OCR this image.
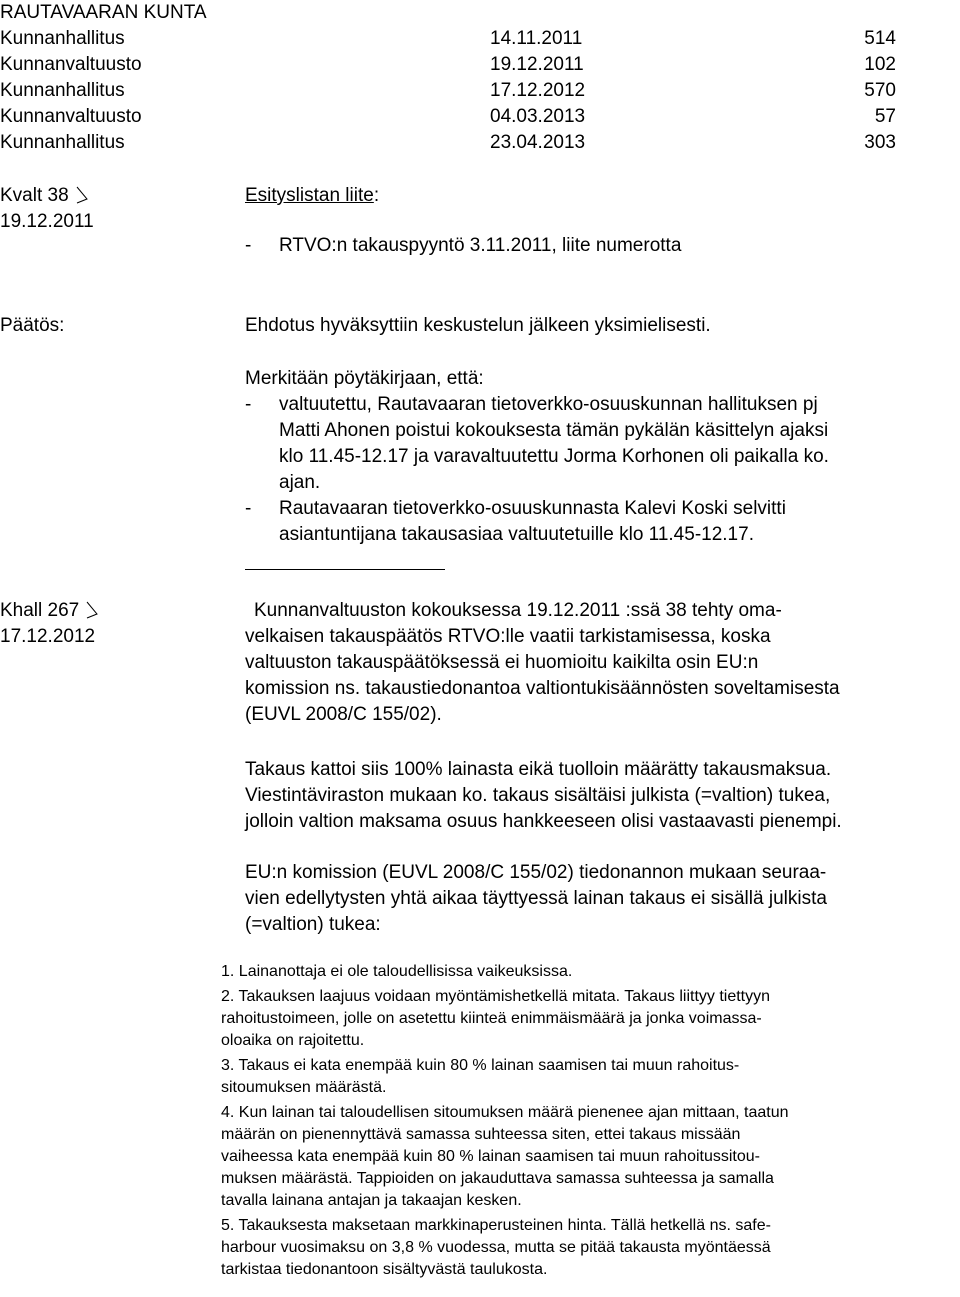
RAUTAVAARAN KUNTA
Kunnanhallitus	14.11.2011	514
Kunnanvaltuusto	19.12.2011	102
Kunnanhallitus	17.12.2012	570
Kunnanvaltuusto	04.03.2013	57
Kunnanhallitus	23.04.2013	303
Kvalt 38
19.12.2011
Esityslistan liite:
- RTVO:n takauspyyntö 3.11.2011, liite numerotta
Päätös:	Ehdotus hyväksyttiin keskustelun jälkeen yksimielisesti.
Merkitään pöytäkirjaan, että:
- valtuutettu, Rautavaaran tietoverkko-osuuskunnan hallituksen pj
Matti Ahonen poistui kokouksesta tämän pykälän käsittelyn ajaksi
klo 11.45-12.17 ja varavaltuutettu Jorma Korhonen oli paikalla ko.
ajan.
- Rautavaaran tietoverkko-osuuskunnasta Kalevi Koski selvitti
asiantuntijana takausasiaa valtuutetuille klo 11.45-12.17.
Khall 267
17.12.2012
Kunnanvaltuuston kokouksessa 19.12.2011 :ssä 38 tehty oma-
velkaisen takauspäätös RTVO:lle vaatii tarkistamisessa, koska
valtuuston takauspäätöksessä ei huomioitu kaikilta osin EU:n
komission ns. takaustiedonantoa valtiontukisäännösten soveltamisesta
(EUVL 2008/C 155/02).
Takaus kattoi siis 100% lainasta eikä tuolloin määrätty takausmaksua.
Viestintäviraston mukaan ko. takaus sisältäisi julkista (=valtion) tukea,
jolloin valtion maksama osuus hankkeeseen olisi vastaavasti pienempi.
EU:n komission (EUVL 2008/C 155/02) tiedonannon mukaan seuraa-
vien edellytysten yhtä aikaa täyttyessä lainan takaus ei sisällä julkista
(=valtion) tukea:
1. Lainanottaja ei ole taloudellisissa vaikeuksissa.
2. Takauksen laajuus voidaan myöntämishetkellä mitata. Takaus liittyy tiettyyn
rahoitustoimeen, jolle on asetettu kiinteä enimmäismäärä ja jonka voimassa-
oloaika on rajoitettu.
3. Takaus ei kata enempää kuin 80 % lainan saamisen tai muun rahoitus-
sitoumuksen määrästä.
4. Kun lainan tai taloudellisen sitoumuksen määrä pienenee ajan mittaan, taatun
määrän on pienennyttävä samassa suhteessa siten, ettei takaus missään
vaiheessa kata enempää kuin 80 % lainan saamisen tai muun rahoitussitou-
muksen määrästä. Tappioiden on jakauduttava samassa suhteessa ja samalla
tavalla lainana antajan ja takaajan kesken.
5. Takauksesta maksetaan markkinaperusteinen hinta. Tällä hetkellä ns. safe-
harbour vuosimaksu on 3,8 % vuodessa, mutta se pitää takausta myöntäessä
tarkistaa tiedonantoon sisältyvästä taulukosta.
